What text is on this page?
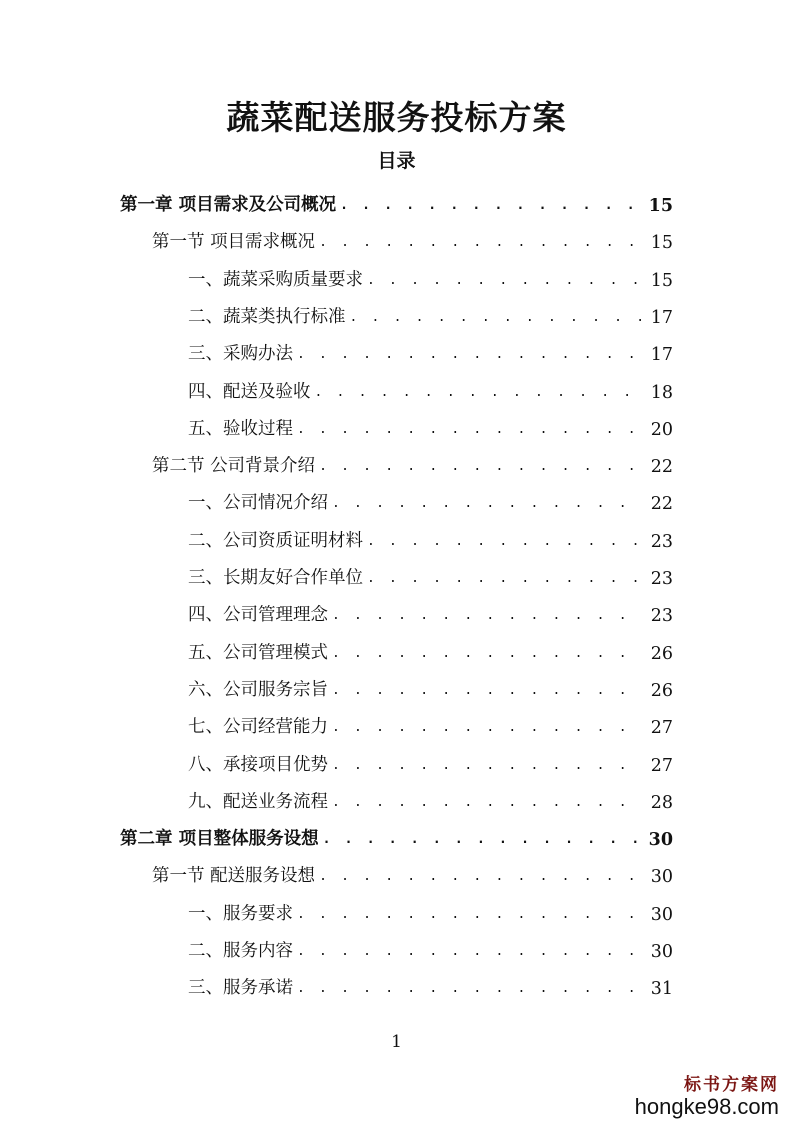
蔬菜配送服务投标方案
目录
第一章 项目需求及公司概况 . . .	15
第一节 项目需求概况 . . .	15
一、蔬菜采购质量要求 . . .	15
二、蔬菜类执行标准 . . .	17
三、采购办法 . . .	17
四、配送及验收 . . .	18
五、验收过程 . . .	20
第二节 公司背景介绍 . . .	22
一、公司情况介绍 . . .	22
二、公司资质证明材料 . . .	23
三、长期友好合作单位 . . .	23
四、公司管理理念 . . .	23
五、公司管理模式 . . .	26
六、公司服务宗旨 . . .	26
七、公司经营能力 . . .	27
八、承接项目优势 . . .	27
九、配送业务流程 . . .	28
第二章 项目整体服务设想 . . .	30
第一节 配送服务设想 . . .	30
一、服务要求 . . .	30
二、服务内容 . . .	30
三、服务承诺 . . .	31

1

标书方案网
hongke98.com
